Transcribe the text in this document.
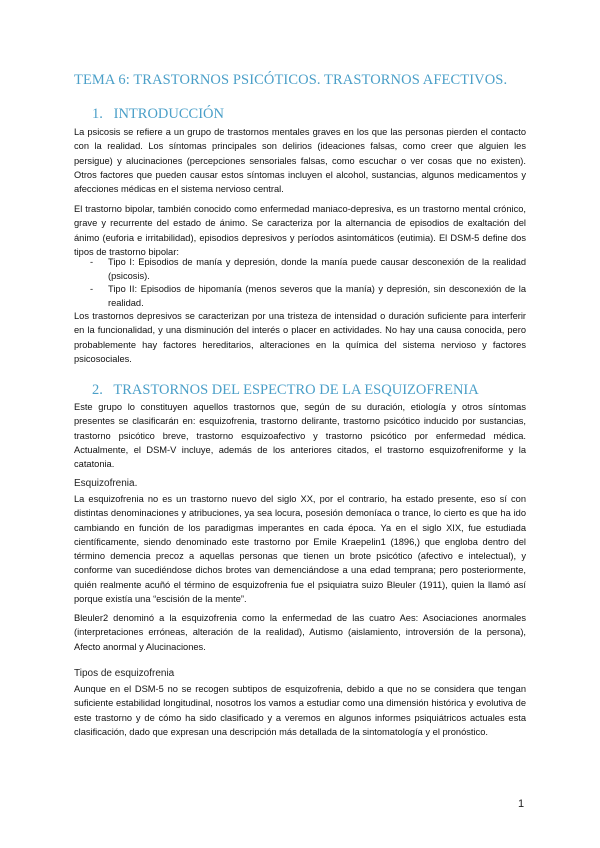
TEMA 6: TRASTORNOS PSICÓTICOS. TRASTORNOS AFECTIVOS.
1. INTRODUCCIÓN

La psicosis se refiere a un grupo de trastornos mentales graves en los que las personas pierden el contacto con la realidad. Los síntomas principales son delirios (ideaciones falsas, como creer que alguien les persigue) y alucinaciones (percepciones sensoriales falsas, como escuchar o ver cosas que no existen). Otros factores que pueden causar estos síntomas incluyen el alcohol, sustancias, algunos medicamentos y afecciones médicas en el sistema nervioso central.

El trastorno bipolar, también conocido como enfermedad maniaco-depresiva, es un trastorno mental crónico, grave y recurrente del estado de ánimo. Se caracteriza por la alternancia de episodios de exaltación del ánimo (euforia e irritabilidad), episodios depresivos y períodos asintomáticos (eutimia). El DSM-5 define dos tipos de trastorno bipolar:

- Tipo I: Episodios de manía y depresión, donde la manía puede causar desconexión de la realidad (psicosis).
- Tipo II: Episodios de hipomanía (menos severos que la manía) y depresión, sin desconexión de la realidad.

Los trastornos depresivos se caracterizan por una tristeza de intensidad o duración suficiente para interferir en la funcionalidad, y una disminución del interés o placer en actividades. No hay una causa conocida, pero probablemente hay factores hereditarios, alteraciones en la química del sistema nervioso y factores psicosociales.

2. TRASTORNOS DEL ESPECTRO DE LA ESQUIZOFRENIA

Este grupo lo constituyen aquellos trastornos que, según de su duración, etiología y otros síntomas presentes se clasificarán en: esquizofrenia, trastorno delirante, trastorno psicótico inducido por sustancias, trastorno psicótico breve, trastorno esquizoafectivo y trastorno psicótico por enfermedad médica. Actualmente, el DSM-V incluye, además de los anteriores citados, el trastorno esquizofreniforme y la catatonia.

Esquizofrenia.

La esquizofrenia no es un trastorno nuevo del siglo XX, por el contrario, ha estado presente, eso sí con distintas denominaciones y atribuciones, ya sea locura, posesión demoníaca o trance, lo cierto es que ha ido cambiando en función de los paradigmas imperantes en cada época. Ya en el siglo XIX, fue estudiada científicamente, siendo denominado este trastorno por Emile Kraepelin1 (1896,) que engloba dentro del término demencia precoz a aquellas personas que tienen un brote psicótico (afectivo e intelectual), y conforme van sucediéndose dichos brotes van demenciándose a una edad temprana; pero posteriormente, quién realmente acuñó el término de esquizofrenia fue el psiquiatra suizo Bleuler (1911), quien la llamó así porque existía una “escisión de la mente”.

Bleuler2 denominó a la esquizofrenia como la enfermedad de las cuatro Aes: Asociaciones anormales (interpretaciones erróneas, alteración de la realidad), Autismo (aislamiento, introversión de la persona), Afecto anormal y Alucinaciones.

Tipos de esquizofrenia

Aunque en el DSM-5 no se recogen subtipos de esquizofrenia, debido a que no se considera que tengan suficiente estabilidad longitudinal, nosotros los vamos a estudiar como una dimensión histórica y evolutiva de este trastorno y de cómo ha sido clasificado y a veremos en algunos informes psiquiátricos actuales esta clasificación, dado que expresan una descripción más detallada de la sintomatología y el pronóstico.

1
